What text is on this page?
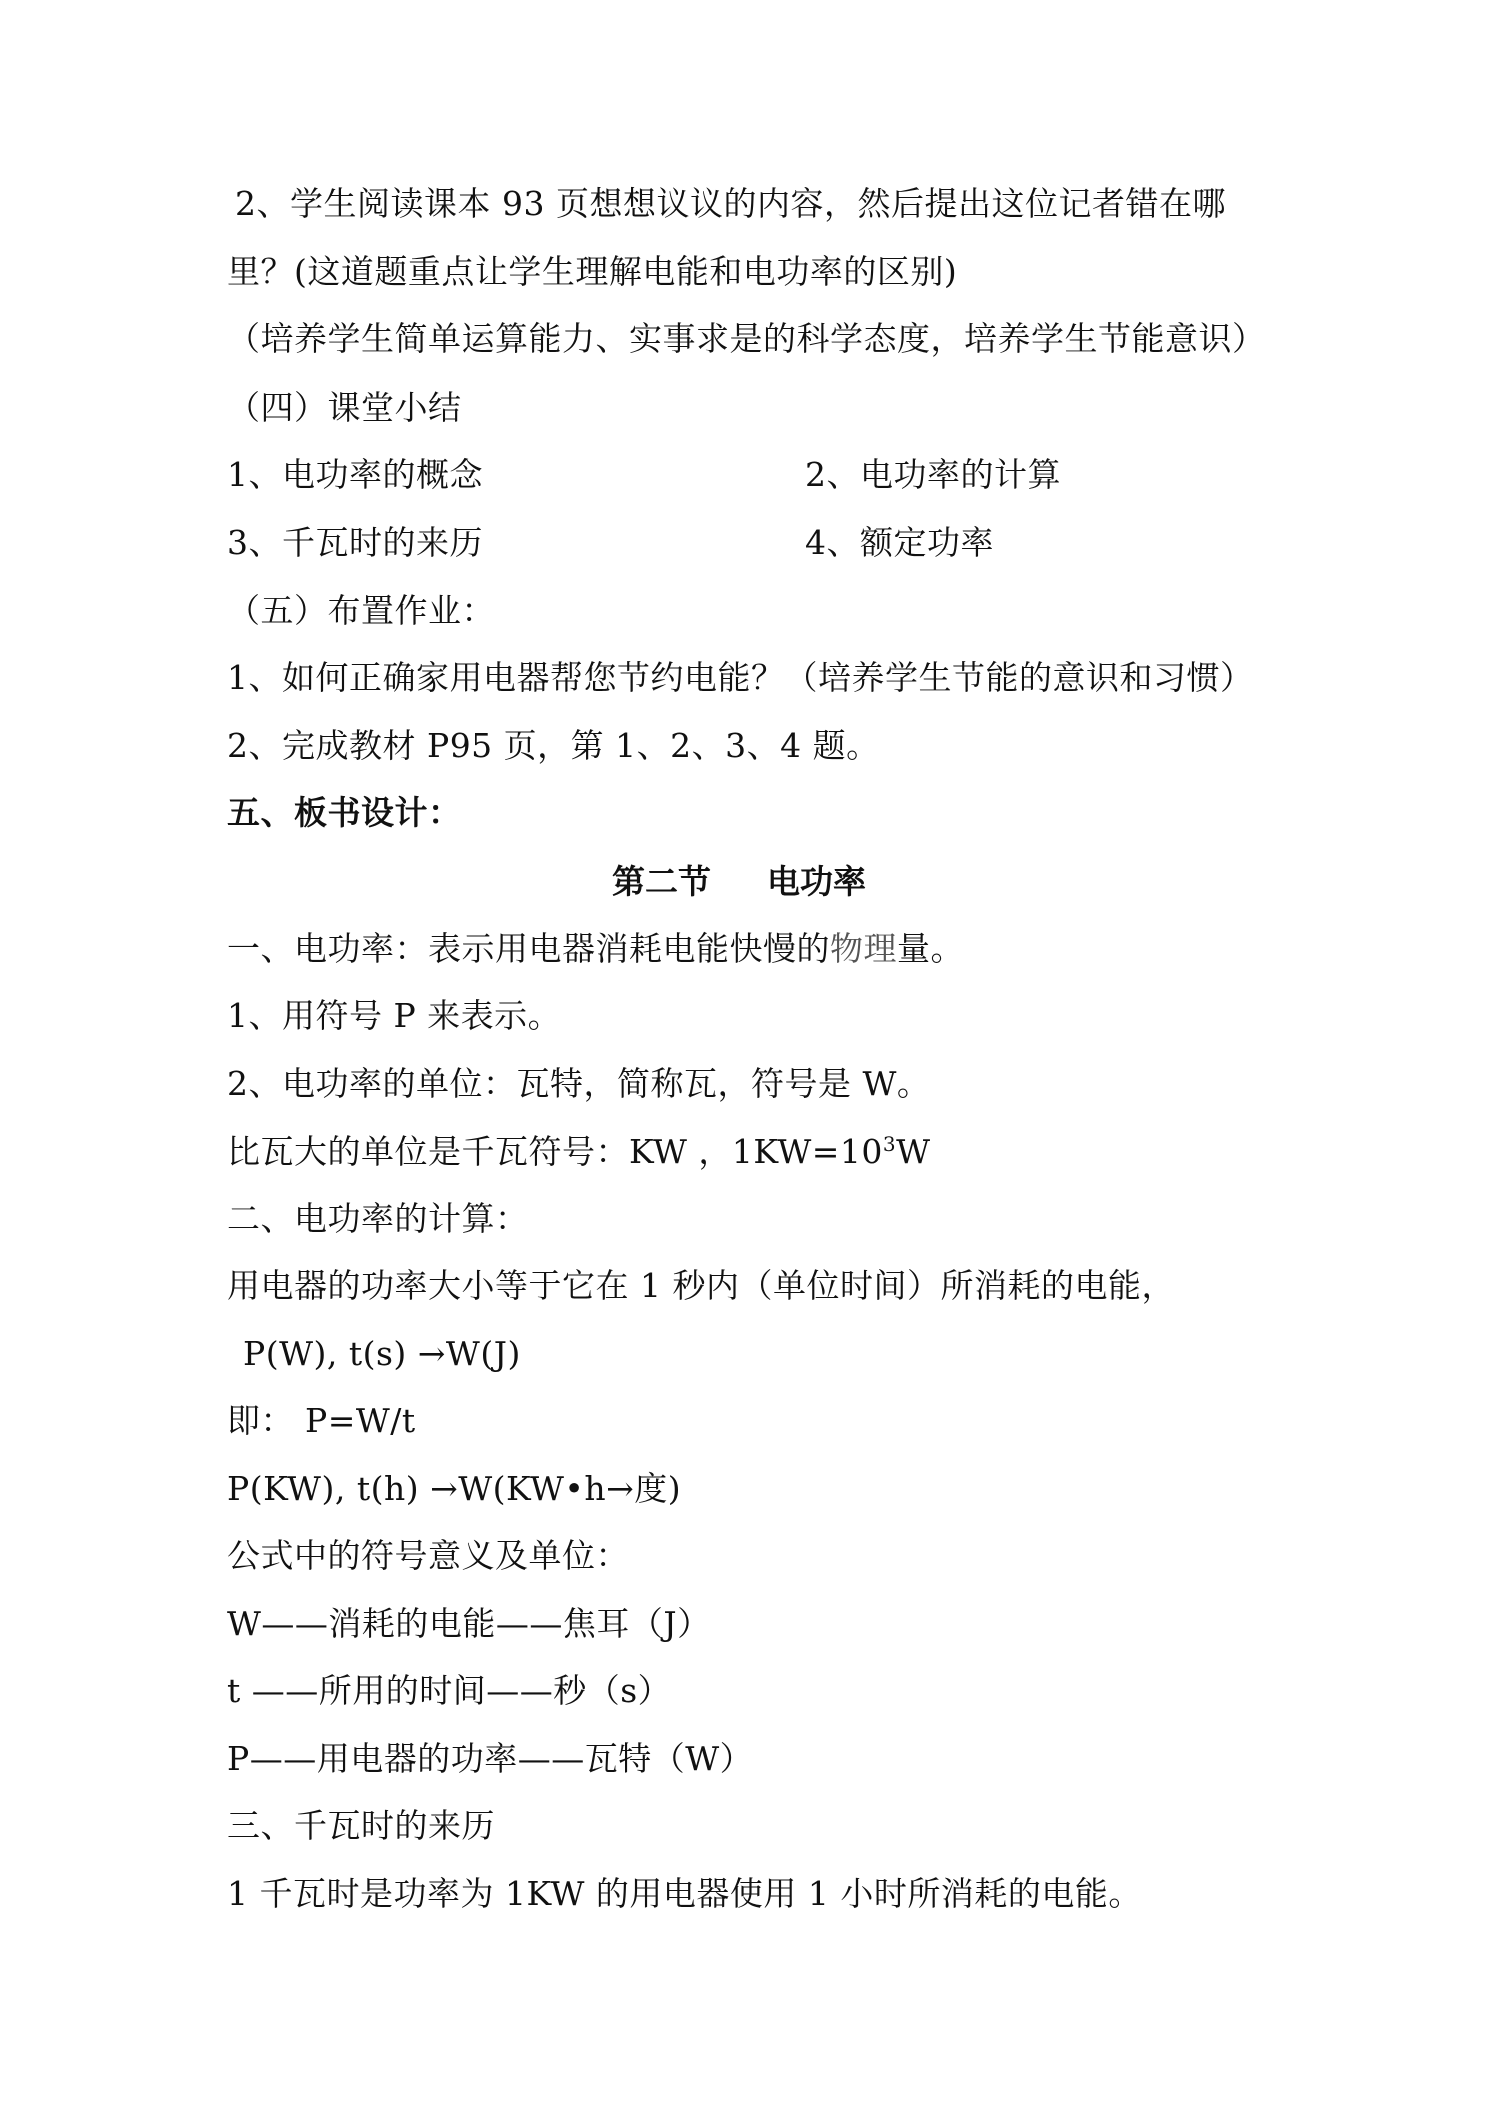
2、学生阅读课本 93 页想想议议的内容，然后提出这位记者错在哪
里？(这道题重点让学生理解电能和电功率的区别)
（培养学生简单运算能力、实事求是的科学态度，培养学生节能意识）
（四）课堂小结
1、电功率的概念	2、电功率的计算
3、千瓦时的来历	4、额定功率
（五）布置作业：
1、如何正确家用电器帮您节约电能？（培养学生节能的意识和习惯）
2、完成教材 P95 页，第 1、2、3、4 题。
五、板书设计：
第二节 电功率
一、电功率：表示用电器消耗电能快慢的物理量。
1、用符号 P 来表示。
2、电功率的单位：瓦特，简称瓦，符号是 W。
比瓦大的单位是千瓦符号：KW ，$1KW=10^3W$
二、电功率的计算：
用电器的功率大小等于它在 1 秒内（单位时间）所消耗的电能，
P(W), t(s) →W(J)
即： P=W/t
P(KW), t(h) →W(KW•h→度)
公式中的符号意义及单位：
W——消耗的电能——焦耳（J）
t ——所用的时间——秒（s）
P——用电器的功率——瓦特（W）
三、千瓦时的来历
1 千瓦时是功率为 1KW 的用电器使用 1 小时所消耗的电能。
